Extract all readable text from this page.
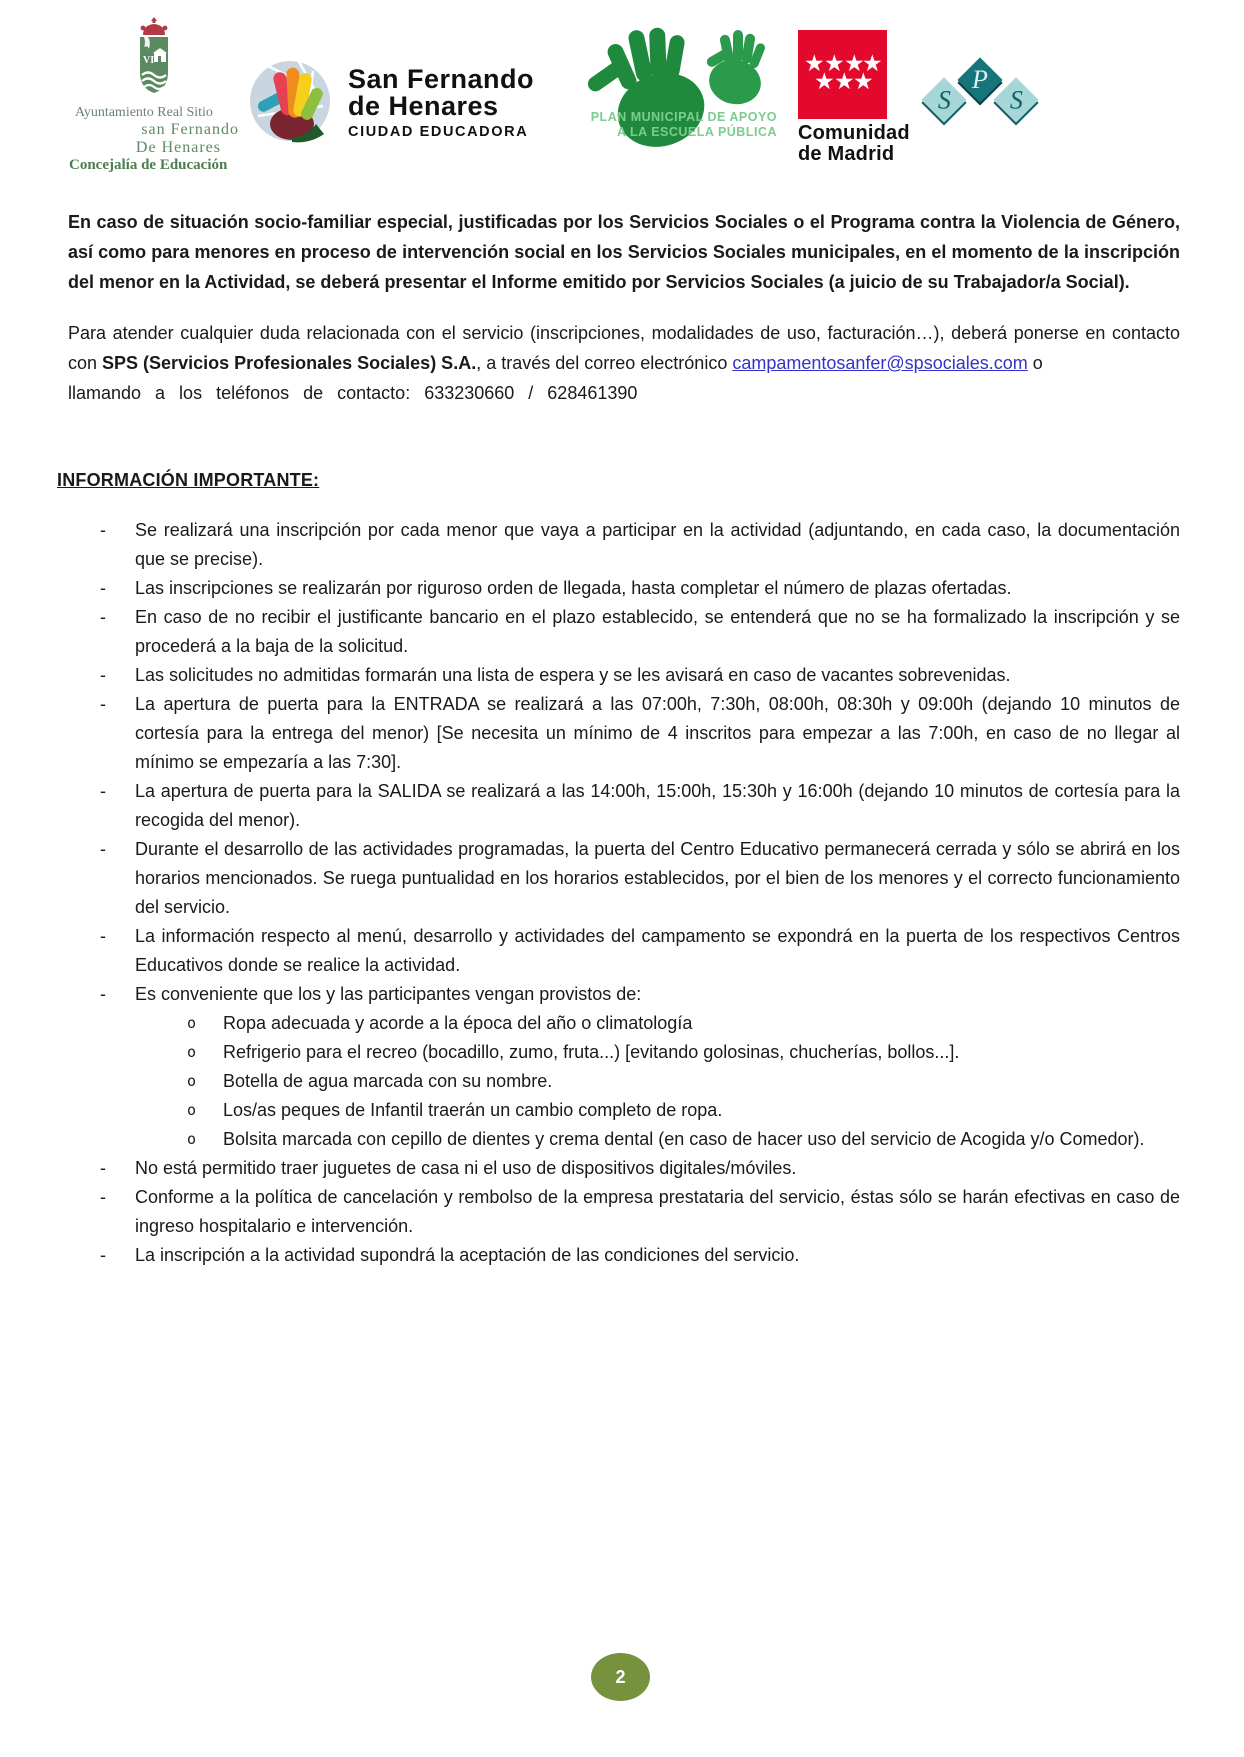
VI
Ayuntamiento Real Sitio
san Fernando
De Henares
Concejalía de Educación
San Fernando
de Henares
CIUDAD EDUCADORA
PLAN MUNICIPAL DE APOYO
A LA ESCUELA PÚBLICA
★ ★ ★
★
★ ★
★
Comunidad
de Madrid
S
P
S
En caso de situación socio-familiar especial, justificadas por los Servicios Sociales o el Programa contra la Violencia de Género, así como para menores en proceso de intervención social en los Servicios Sociales municipales, en el momento de la inscripción del menor en la Actividad, se deberá presentar el Informe emitido por Servicios Sociales (a juicio de su Trabajador/a Social).
Para atender cualquier duda relacionada con el servicio (inscripciones, modalidades de uso, facturación…), deberá ponerse en contacto con SPS (Servicios Profesionales Sociales) S.A., a través del correo electrónico campamentosanfer@spsociales.com o
llamando a los teléfonos de contacto: 633230660 / 628461390
INFORMACIÓN IMPORTANTE:
-	Se realizará una inscripción por cada menor que vaya a participar en la actividad (adjuntando, en cada caso, la documentación que se precise).
-	Las inscripciones se realizarán por riguroso orden de llegada, hasta completar el número de plazas ofertadas.
-	En caso de no recibir el justificante bancario en el plazo establecido, se entenderá que no se ha formalizado la inscripción y se procederá a la baja de la solicitud.
-	Las solicitudes no admitidas formarán una lista de espera y se les avisará en caso de vacantes sobrevenidas.
-	La apertura de puerta para la ENTRADA se realizará a las 07:00h, 7:30h, 08:00h, 08:30h y 09:00h (dejando 10 minutos de cortesía para la entrega del menor) [Se necesita un mínimo de 4 inscritos para empezar a las 7:00h, en caso de no llegar al mínimo se empezaría a las 7:30].
-	La apertura de puerta para la SALIDA se realizará a las 14:00h, 15:00h, 15:30h y 16:00h (dejando 10 minutos de cortesía para la recogida del menor).
-	Durante el desarrollo de las actividades programadas, la puerta del Centro Educativo permanecerá cerrada y sólo se abrirá en los horarios mencionados. Se ruega puntualidad en los horarios establecidos, por el bien de los menores y el correcto funcionamiento del servicio.
-	La información respecto al menú, desarrollo y actividades del campamento se expondrá en la puerta de los respectivos Centros Educativos donde se realice la actividad.
-	Es conveniente que los y las participantes vengan provistos de:
o	Ropa adecuada y acorde a la época del año o climatología
o	Refrigerio para el recreo (bocadillo, zumo, fruta...) [evitando golosinas, chucherías, bollos...].
o	Botella de agua marcada con su nombre.
o	Los/as peques de Infantil traerán un cambio completo de ropa.
o	Bolsita marcada con cepillo de dientes y crema dental (en caso de hacer uso del servicio de Acogida y/o Comedor).
-	No está permitido traer juguetes de casa ni el uso de dispositivos digitales/móviles.
-	Conforme a la política de cancelación y rembolso de la empresa prestataria del servicio, éstas sólo se harán efectivas en caso de ingreso hospitalario e intervención.
-	La inscripción a la actividad supondrá la aceptación de las condiciones del servicio.
2
